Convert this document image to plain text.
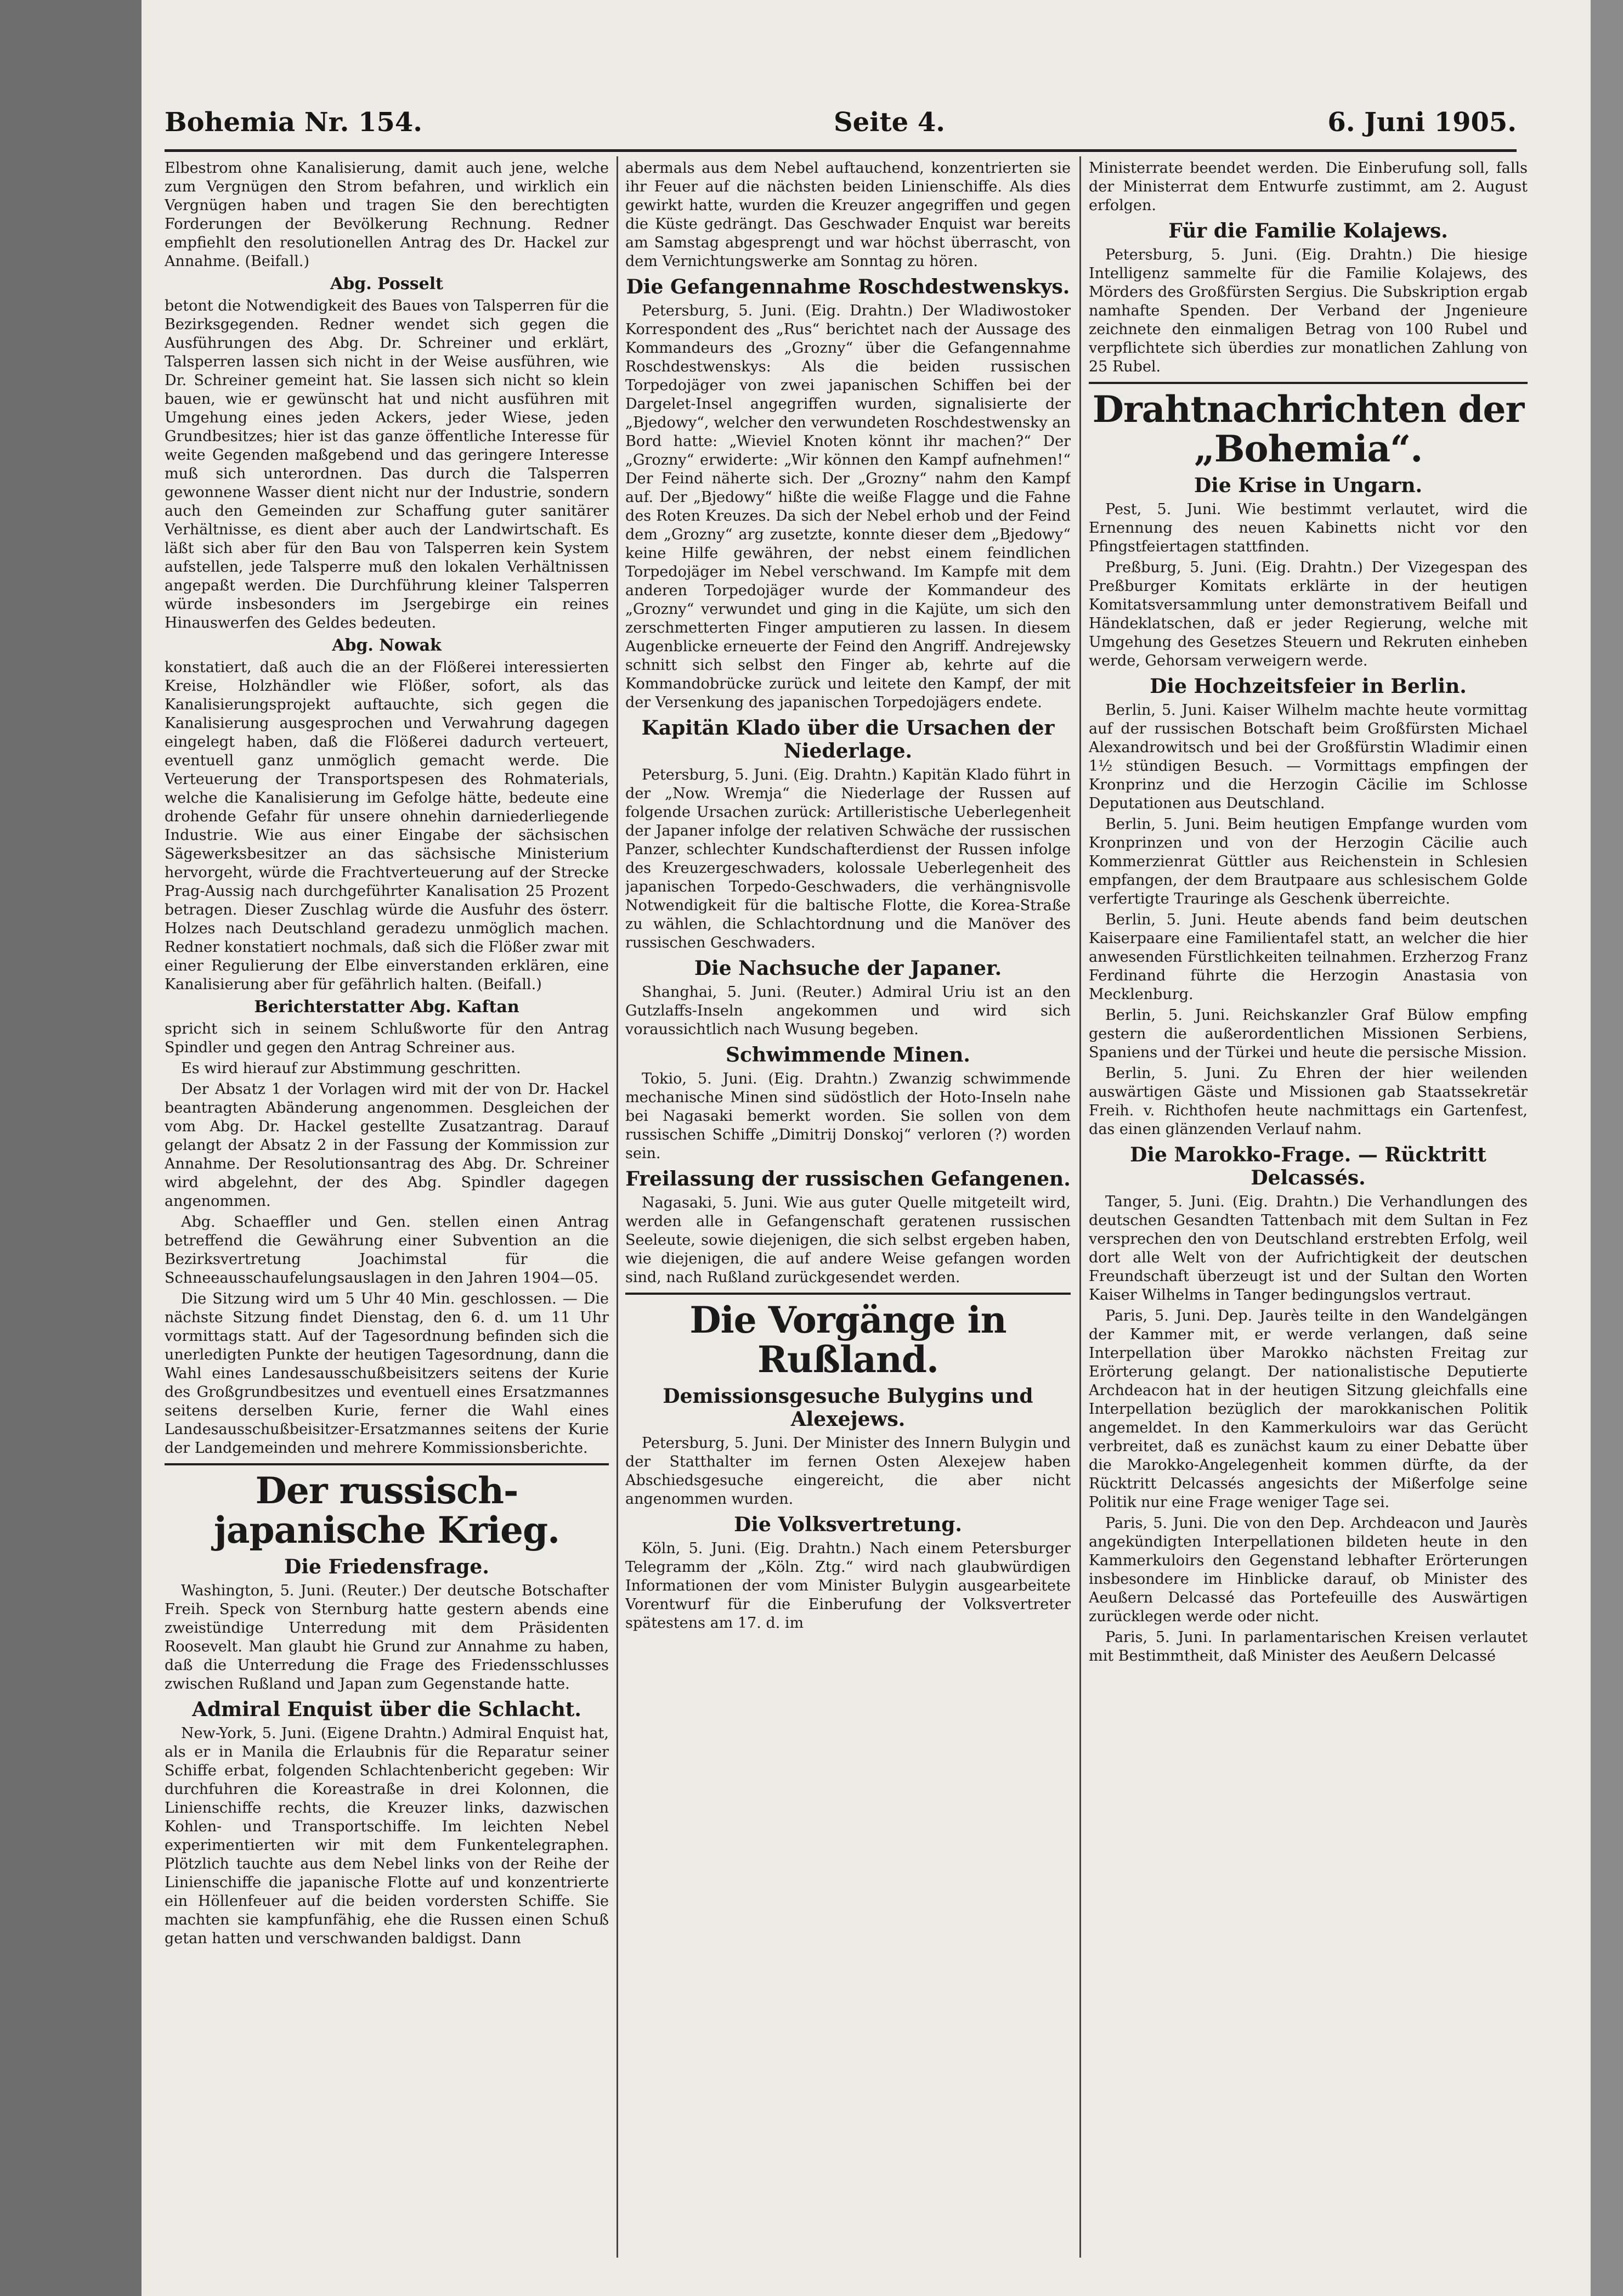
Bohemia Nr. 154.	Seite 4.	6. Juni 1905.

Elbestrom ohne Kanalisierung, damit auch jene, welche zum Vergnügen den Strom befahren, und wirklich ein Vergnügen haben und tragen Sie den berechtigten Forderungen der Bevölkerung Rechnung. Redner empfiehlt den resolutionellen Antrag des Dr. Hackel zur Annahme. (Beifall.)

Abg. Posselt

betont die Notwendigkeit des Baues von Talsperren für die Bezirksgegenden. Redner wendet sich gegen die Ausführungen des Abg. Dr. Schreiner und erklärt, Talsperren lassen sich nicht in der Weise ausführen, wie Dr. Schreiner gemeint hat. Sie lassen sich nicht so klein bauen, wie er gewünscht hat und nicht ausführen mit Umgehung eines jeden Ackers, jeder Wiese, jeden Grundbesitzes; hier ist das ganze öffentliche Interesse für weite Gegenden maßgebend und das geringere Interesse muß sich unterordnen. Das durch die Talsperren gewonnene Wasser dient nicht nur der Industrie, sondern auch den Gemeinden zur Schaffung guter sanitärer Verhältnisse, es dient aber auch der Landwirtschaft. Es läßt sich aber für den Bau von Talsperren kein System aufstellen, jede Talsperre muß den lokalen Verhältnissen angepaßt werden. Die Durchführung kleiner Talsperren würde insbesonders im Jsergebirge ein reines Hinauswerfen des Geldes bedeuten.

Abg. Nowak

konstatiert, daß auch die an der Flößerei interessierten Kreise, Holzhändler wie Flößer, sofort, als das Kanalisierungsprojekt auftauchte, sich gegen die Kanalisierung ausgesprochen und Verwahrung dagegen eingelegt haben, daß die Flößerei dadurch verteuert, eventuell ganz unmöglich gemacht werde. Die Verteuerung der Transportspesen des Rohmaterials, welche die Kanalisierung im Gefolge hätte, bedeute eine drohende Gefahr für unsere ohnehin darniederliegende Industrie. Wie aus einer Eingabe der sächsischen Sägewerksbesitzer an das sächsische Ministerium hervorgeht, würde die Frachtverteuerung auf der Strecke Prag-Aussig nach durchgeführter Kanalisation 25 Prozent betragen. Dieser Zuschlag würde die Ausfuhr des österr. Holzes nach Deutschland geradezu unmöglich machen. Redner konstatiert nochmals, daß sich die Flößer zwar mit einer Regulierung der Elbe einverstanden erklären, eine Kanalisierung aber für gefährlich halten. (Beifall.)

Berichterstatter Abg. Kaftan

spricht sich in seinem Schlußworte für den Antrag Spindler und gegen den Antrag Schreiner aus.

Es wird hierauf zur Abstimmung geschritten.

Der Absatz 1 der Vorlagen wird mit der von Dr. Hackel beantragten Abänderung angenommen. Desgleichen der vom Abg. Dr. Hackel gestellte Zusatzantrag. Darauf gelangt der Absatz 2 in der Fassung der Kommission zur Annahme. Der Resolutionsantrag des Abg. Dr. Schreiner wird abgelehnt, der des Abg. Spindler dagegen angenommen.

Abg. Schaeffler und Gen. stellen einen Antrag betreffend die Gewährung einer Subvention an die Bezirksvertretung Joachimstal für die Schneeausschaufelungsauslagen in den Jahren 1904—05.

Die Sitzung wird um 5 Uhr 40 Min. geschlossen. — Die nächste Sitzung findet Dienstag, den 6. d. um 11 Uhr vormittags statt. Auf der Tagesordnung befinden sich die unerledigten Punkte der heutigen Tagesordnung, dann die Wahl eines Landesausschußbeisitzers seitens der Kurie des Großgrundbesitzes und eventuell eines Ersatzmannes seitens derselben Kurie, ferner die Wahl eines Landesausschußbeisitzer-Ersatzmannes seitens der Kurie der Landgemeinden und mehrere Kommissionsberichte.

Der russisch-japanische Krieg.
Die Friedensfrage.

Washington, 5. Juni. (Reuter.) Der deutsche Botschafter Freih. Speck von Sternburg hatte gestern abends eine zweistündige Unterredung mit dem Präsidenten Roosevelt. Man glaubt hie Grund zur Annahme zu haben, daß die Unterredung die Frage des Friedensschlusses zwischen Rußland und Japan zum Gegenstande hatte.

Admiral Enquist über die Schlacht.

New-York, 5. Juni. (Eigene Drahtn.) Admiral Enquist hat, als er in Manila die Erlaubnis für die Reparatur seiner Schiffe erbat, folgenden Schlachtenbericht gegeben: Wir durchfuhren die Koreastraße in drei Kolonnen, die Linienschiffe rechts, die Kreuzer links, dazwischen Kohlen- und Transportschiffe. Im leichten Nebel experimentierten wir mit dem Funkentelegraphen. Plötzlich tauchte aus dem Nebel links von der Reihe der Linienschiffe die japanische Flotte auf und konzentrierte ein Höllenfeuer auf die beiden vordersten Schiffe. Sie machten sie kampfunfähig, ehe die Russen einen Schuß getan hatten und verschwanden baldigst. Dann

abermals aus dem Nebel auftauchend, konzentrierten sie ihr Feuer auf die nächsten beiden Linienschiffe. Als dies gewirkt hatte, wurden die Kreuzer angegriffen und gegen die Küste gedrängt. Das Geschwader Enquist war bereits am Samstag abgesprengt und war höchst überrascht, von dem Vernichtungswerke am Sonntag zu hören.

Die Gefangennahme Roschdestwenskys.

Petersburg, 5. Juni. (Eig. Drahtn.) Der Wladiwostoker Korrespondent des „Rus“ berichtet nach der Aussage des Kommandeurs des „Grozny“ über die Gefangennahme Roschdestwenskys: Als die beiden russischen Torpedojäger von zwei japanischen Schiffen bei der Dargelet-Insel angegriffen wurden, signalisierte der „Bjedowy“, welcher den verwundeten Roschdestwensky an Bord hatte: „Wieviel Knoten könnt ihr machen?“ Der „Grozny“ erwiderte: „Wir können den Kampf aufnehmen!“ Der Feind näherte sich. Der „Grozny“ nahm den Kampf auf. Der „Bjedowy“ hißte die weiße Flagge und die Fahne des Roten Kreuzes. Da sich der Nebel erhob und der Feind dem „Grozny“ arg zusetzte, konnte dieser dem „Bjedowy“ keine Hilfe gewähren, der nebst einem feindlichen Torpedojäger im Nebel verschwand. Im Kampfe mit dem anderen Torpedojäger wurde der Kommandeur des „Grozny“ verwundet und ging in die Kajüte, um sich den zerschmetterten Finger amputieren zu lassen. In diesem Augenblicke erneuerte der Feind den Angriff. Andrejewsky schnitt sich selbst den Finger ab, kehrte auf die Kommandobrücke zurück und leitete den Kampf, der mit der Versenkung des japanischen Torpedojägers endete.

Kapitän Klado über die Ursachen der Niederlage.

Petersburg, 5. Juni. (Eig. Drahtn.) Kapitän Klado führt in der „Now. Wremja“ die Niederlage der Russen auf folgende Ursachen zurück: Artilleristische Ueberlegenheit der Japaner infolge der relativen Schwäche der russischen Panzer, schlechter Kundschafterdienst der Russen infolge des Kreuzergeschwaders, kolossale Ueberlegenheit des japanischen Torpedo-Geschwaders, die verhängnisvolle Notwendigkeit für die baltische Flotte, die Korea-Straße zu wählen, die Schlachtordnung und die Manöver des russischen Geschwaders.

Die Nachsuche der Japaner.

Shanghai, 5. Juni. (Reuter.) Admiral Uriu ist an den Gutzlaffs-Inseln angekommen und wird sich voraussichtlich nach Wusung begeben.

Schwimmende Minen.

Tokio, 5. Juni. (Eig. Drahtn.) Zwanzig schwimmende mechanische Minen sind südöstlich der Hoto-Inseln nahe bei Nagasaki bemerkt worden. Sie sollen von dem russischen Schiffe „Dimitrij Donskoj“ verloren (?) worden sein.

Freilassung der russischen Gefangenen.

Nagasaki, 5. Juni. Wie aus guter Quelle mitgeteilt wird, werden alle in Gefangenschaft geratenen russischen Seeleute, sowie diejenigen, die sich selbst ergeben haben, wie diejenigen, die auf andere Weise gefangen worden sind, nach Rußland zurückgesendet werden.

Die Vorgänge in Rußland.
Demissionsgesuche Bulygins und Alexejews.

Petersburg, 5. Juni. Der Minister des Innern Bulygin und der Statthalter im fernen Osten Alexejew haben Abschiedsgesuche eingereicht, die aber nicht angenommen wurden.

Die Volksvertretung.

Köln, 5. Juni. (Eig. Drahtn.) Nach einem Petersburger Telegramm der „Köln. Ztg.“ wird nach glaubwürdigen Informationen der vom Minister Bulygin ausgearbeitete Vorentwurf für die Einberufung der Volksvertreter spätestens am 17. d. im

Ministerrate beendet werden. Die Einberufung soll, falls der Ministerrat dem Entwurfe zustimmt, am 2. August erfolgen.

Für die Familie Kolajews.

Petersburg, 5. Juni. (Eig. Drahtn.) Die hiesige Intelligenz sammelte für die Familie Kolajews, des Mörders des Großfürsten Sergius. Die Subskription ergab namhafte Spenden. Der Verband der Jngenieure zeichnete den einmaligen Betrag von 100 Rubel und verpflichtete sich überdies zur monatlichen Zahlung von 25 Rubel.

Drahtnachrichten der „Bohemia“.
Die Krise in Ungarn.

Pest, 5. Juni. Wie bestimmt verlautet, wird die Ernennung des neuen Kabinetts nicht vor den Pfingstfeiertagen stattfinden.

Preßburg, 5. Juni. (Eig. Drahtn.) Der Vizegespan des Preßburger Komitats erklärte in der heutigen Komitatsversammlung unter demonstrativem Beifall und Händeklatschen, daß er jeder Regierung, welche mit Umgehung des Gesetzes Steuern und Rekruten einheben werde, Gehorsam verweigern werde.

Die Hochzeitsfeier in Berlin.

Berlin, 5. Juni. Kaiser Wilhelm machte heute vormittag auf der russischen Botschaft beim Großfürsten Michael Alexandrowitsch und bei der Großfürstin Wladimir einen 1½ stündigen Besuch. — Vormittags empfingen der Kronprinz und die Herzogin Cäcilie im Schlosse Deputationen aus Deutschland.

Berlin, 5. Juni. Beim heutigen Empfange wurden vom Kronprinzen und von der Herzogin Cäcilie auch Kommerzienrat Güttler aus Reichenstein in Schlesien empfangen, der dem Brautpaare aus schlesischem Golde verfertigte Trauringe als Geschenk überreichte.

Berlin, 5. Juni. Heute abends fand beim deutschen Kaiserpaare eine Familientafel statt, an welcher die hier anwesenden Fürstlichkeiten teilnahmen. Erzherzog Franz Ferdinand führte die Herzogin Anastasia von Mecklenburg.

Berlin, 5. Juni. Reichskanzler Graf Bülow empfing gestern die außerordentlichen Missionen Serbiens, Spaniens und der Türkei und heute die persische Mission.

Berlin, 5. Juni. Zu Ehren der hier weilenden auswärtigen Gäste und Missionen gab Staatssekretär Freih. v. Richthofen heute nachmittags ein Gartenfest, das einen glänzenden Verlauf nahm.

Die Marokko-Frage. — Rücktritt Delcassés.

Tanger, 5. Juni. (Eig. Drahtn.) Die Verhandlungen des deutschen Gesandten Tattenbach mit dem Sultan in Fez versprechen den von Deutschland erstrebten Erfolg, weil dort alle Welt von der Aufrichtigkeit der deutschen Freundschaft überzeugt ist und der Sultan den Worten Kaiser Wilhelms in Tanger bedingungslos vertraut.

Paris, 5. Juni. Dep. Jaurès teilte in den Wandelgängen der Kammer mit, er werde verlangen, daß seine Interpellation über Marokko nächsten Freitag zur Erörterung gelangt. Der nationalistische Deputierte Archdeacon hat in der heutigen Sitzung gleichfalls eine Interpellation bezüglich der marokkanischen Politik angemeldet. In den Kammerkuloirs war das Gerücht verbreitet, daß es zunächst kaum zu einer Debatte über die Marokko-Angelegenheit kommen dürfte, da der Rücktritt Delcassés angesichts der Mißerfolge seine Politik nur eine Frage weniger Tage sei.

Paris, 5. Juni. Die von den Dep. Archdeacon und Jaurès angekündigten Interpellationen bildeten heute in den Kammerkuloirs den Gegenstand lebhafter Erörterungen insbesondere im Hinblicke darauf, ob Minister des Aeußern Delcassé das Portefeuille des Auswärtigen zurücklegen werde oder nicht.

Paris, 5. Juni. In parlamentarischen Kreisen verlautet mit Bestimmtheit, daß Minister des Aeußern Delcassé
